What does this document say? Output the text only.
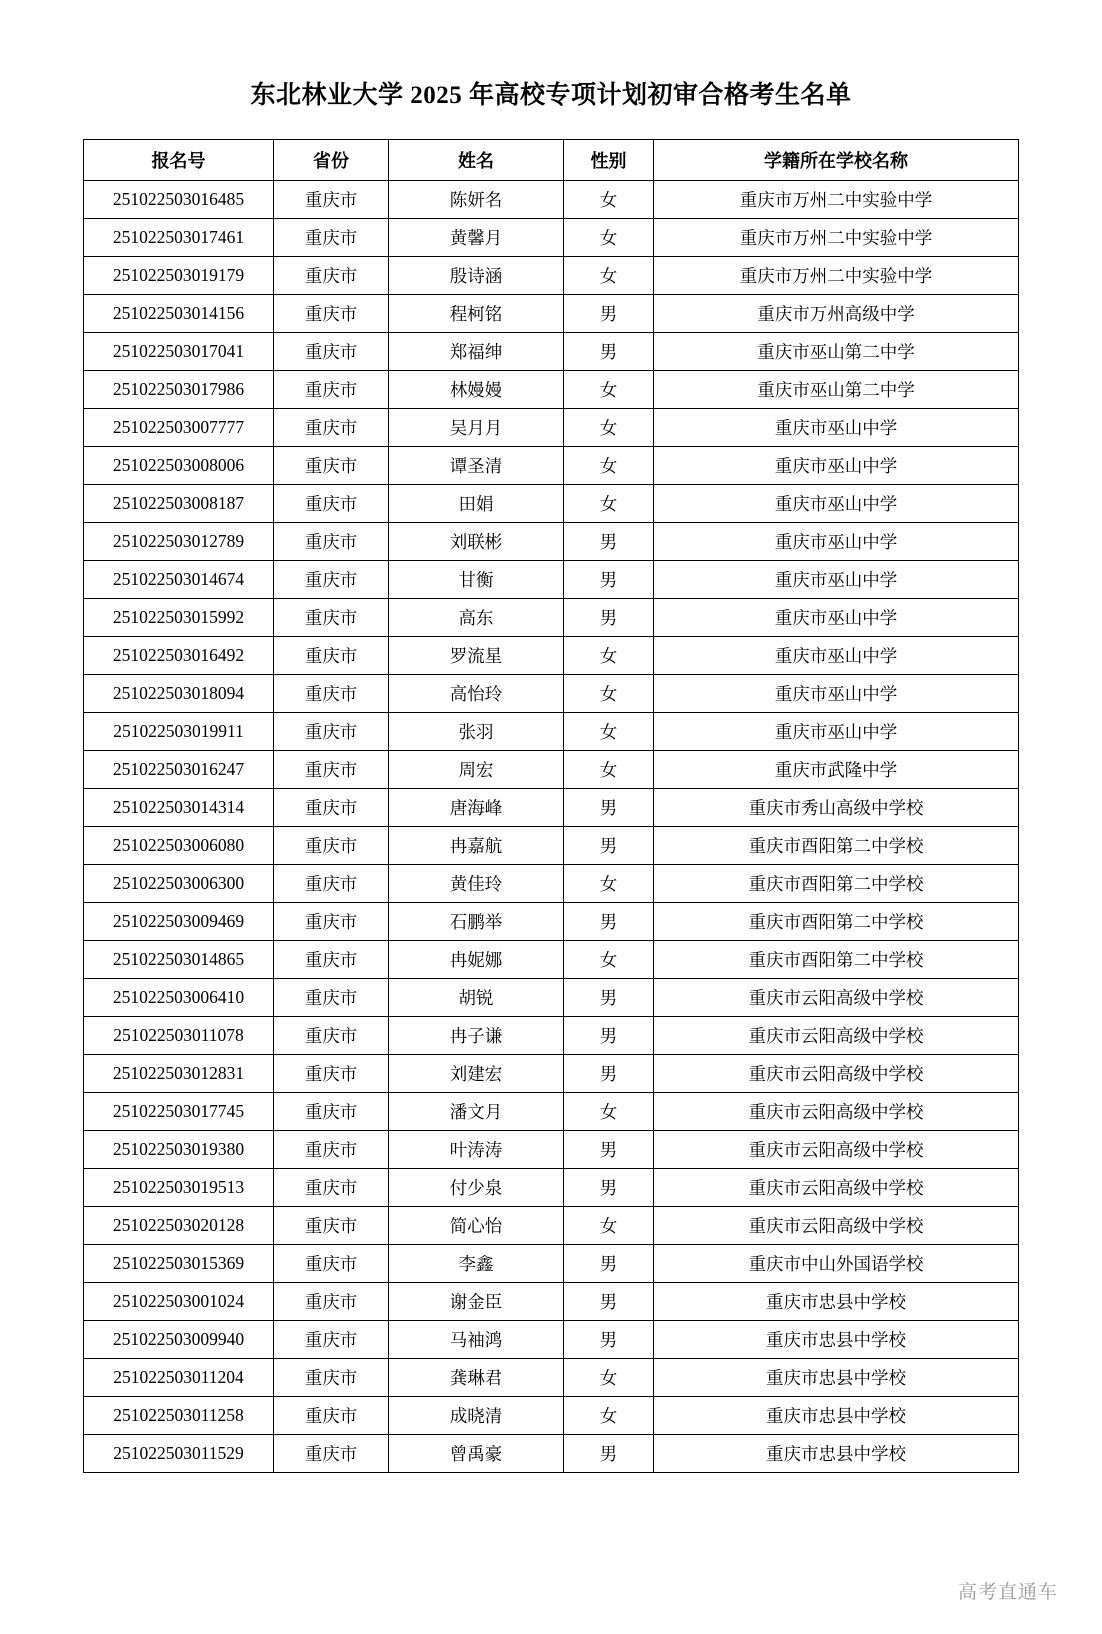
东北林业大学 2025 年高校专项计划初审合格考生名单
报名号	省份	姓名	性别	学籍所在学校名称
251022503016485	重庆市	陈妍名	女	重庆市万州二中实验中学
251022503017461	重庆市	黄馨月	女	重庆市万州二中实验中学
251022503019179	重庆市	殷诗涵	女	重庆市万州二中实验中学
251022503014156	重庆市	程柯铭	男	重庆市万州高级中学
251022503017041	重庆市	郑福绅	男	重庆市巫山第二中学
251022503017986	重庆市	林嫚嫚	女	重庆市巫山第二中学
251022503007777	重庆市	吴月月	女	重庆市巫山中学
251022503008006	重庆市	谭圣清	女	重庆市巫山中学
251022503008187	重庆市	田娟	女	重庆市巫山中学
251022503012789	重庆市	刘联彬	男	重庆市巫山中学
251022503014674	重庆市	甘衡	男	重庆市巫山中学
251022503015992	重庆市	高东	男	重庆市巫山中学
251022503016492	重庆市	罗流星	女	重庆市巫山中学
251022503018094	重庆市	高怡玲	女	重庆市巫山中学
251022503019911	重庆市	张羽	女	重庆市巫山中学
251022503016247	重庆市	周宏	女	重庆市武隆中学
251022503014314	重庆市	唐海峰	男	重庆市秀山高级中学校
251022503006080	重庆市	冉嘉航	男	重庆市酉阳第二中学校
251022503006300	重庆市	黄佳玲	女	重庆市酉阳第二中学校
251022503009469	重庆市	石鹏举	男	重庆市酉阳第二中学校
251022503014865	重庆市	冉妮娜	女	重庆市酉阳第二中学校
251022503006410	重庆市	胡锐	男	重庆市云阳高级中学校
251022503011078	重庆市	冉子谦	男	重庆市云阳高级中学校
251022503012831	重庆市	刘建宏	男	重庆市云阳高级中学校
251022503017745	重庆市	潘文月	女	重庆市云阳高级中学校
251022503019380	重庆市	叶涛涛	男	重庆市云阳高级中学校
251022503019513	重庆市	付少泉	男	重庆市云阳高级中学校
251022503020128	重庆市	简心怡	女	重庆市云阳高级中学校
251022503015369	重庆市	李鑫	男	重庆市中山外国语学校
251022503001024	重庆市	谢金臣	男	重庆市忠县中学校
251022503009940	重庆市	马袖鸿	男	重庆市忠县中学校
251022503011204	重庆市	龚琳君	女	重庆市忠县中学校
251022503011258	重庆市	成晓清	女	重庆市忠县中学校
251022503011529	重庆市	曾禹豪	男	重庆市忠县中学校
高考直通车
